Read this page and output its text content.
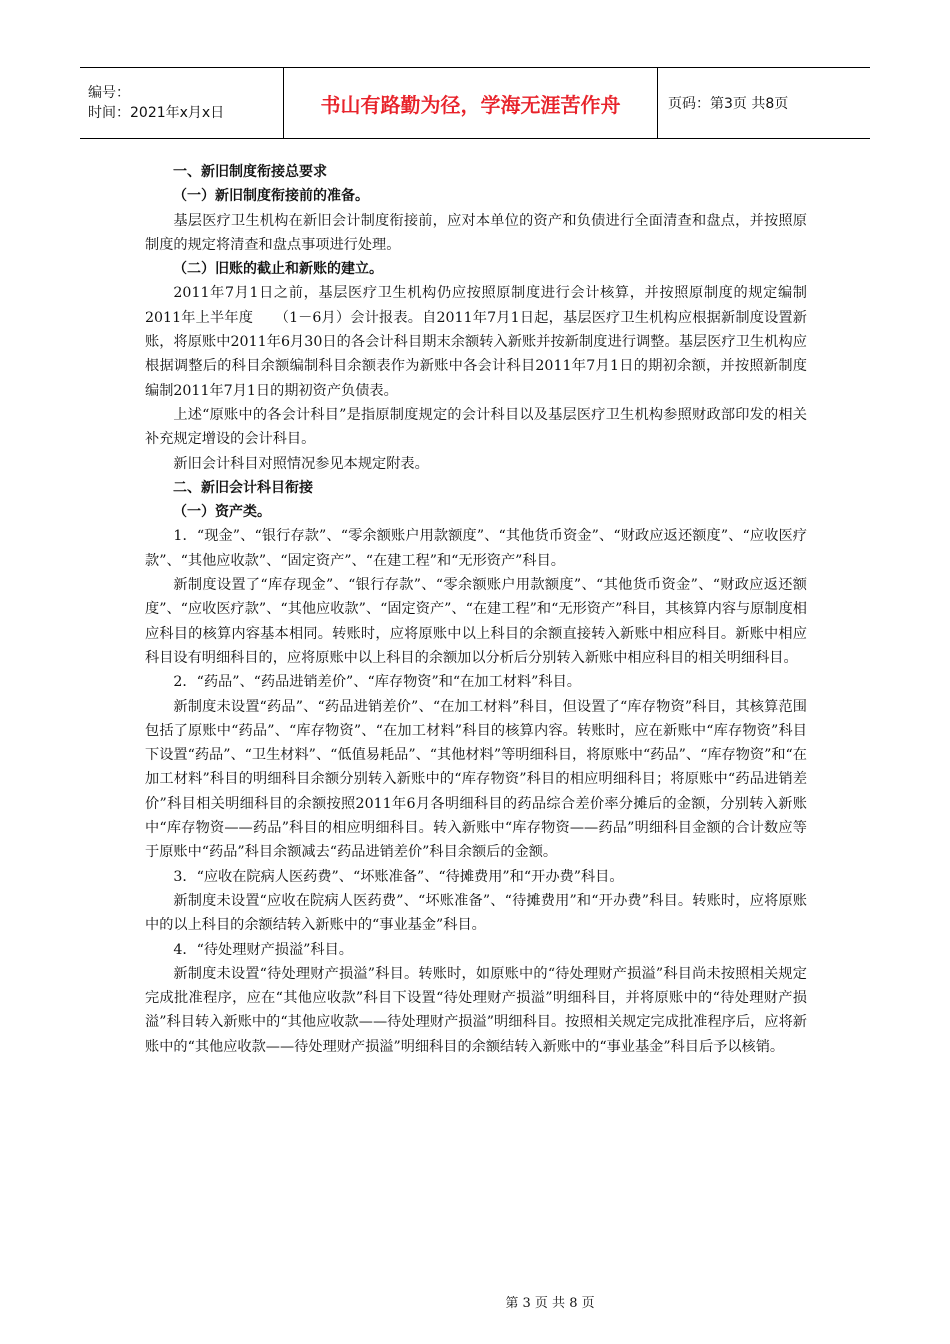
编号：
时间：2021年x月x日	书山有路勤为径，学海无涯苦作舟	页码：第3页 共8页

一、新旧制度衔接总要求

（一）新旧制度衔接前的准备。

基层医疗卫生机构在新旧会计制度衔接前，应对本单位的资产和负债进行全面清查和盘点，并按照原制度的规定将清查和盘点事项进行处理。

（二）旧账的截止和新账的建立。

2011年7月1日之前，基层医疗卫生机构仍应按照原制度进行会计核算，并按照原制度的规定编制2011年上半年度　　（1－6月）会计报表。自2011年7月1日起，基层医疗卫生机构应根据新制度设置新账，将原账中2011年6月30日的各会计科目期末余额转入新账并按新制度进行调整。基层医疗卫生机构应根据调整后的科目余额编制科目余额表作为新账中各会计科目2011年7月1日的期初余额，并按照新制度编制2011年7月1日的期初资产负债表。

上述“原账中的各会计科目”是指原制度规定的会计科目以及基层医疗卫生机构参照财政部印发的相关补充规定增设的会计科目。

新旧会计科目对照情况参见本规定附表。

二、新旧会计科目衔接

（一）资产类。

1．“现金”、“银行存款”、“零余额账户用款额度”、“其他货币资金”、“财政应返还额度”、“应收医疗款”、“其他应收款”、“固定资产”、“在建工程”和“无形资产”科目。

新制度设置了“库存现金”、“银行存款”、“零余额账户用款额度”、“其他货币资金”、“财政应返还额度”、“应收医疗款”、“其他应收款”、“固定资产”、“在建工程”和“无形资产”科目，其核算内容与原制度相应科目的核算内容基本相同。转账时，应将原账中以上科目的余额直接转入新账中相应科目。新账中相应科目设有明细科目的，应将原账中以上科目的余额加以分析后分别转入新账中相应科目的相关明细科目。

2．“药品”、“药品进销差价”、“库存物资”和“在加工材料”科目。

新制度未设置“药品”、“药品进销差价”、“在加工材料”科目，但设置了“库存物资”科目，其核算范围包括了原账中“药品”、“库存物资”、“在加工材料”科目的核算内容。转账时，应在新账中“库存物资”科目下设置“药品”、“卫生材料”、“低值易耗品”、“其他材料”等明细科目，将原账中“药品”、“库存物资”和“在加工材料”科目的明细科目余额分别转入新账中的“库存物资”科目的相应明细科目；将原账中“药品进销差价”科目相关明细科目的余额按照2011年6月各明细科目的药品综合差价率分摊后的金额，分别转入新账中“库存物资——药品”科目的相应明细科目。转入新账中“库存物资——药品”明细科目金额的合计数应等于原账中“药品”科目余额减去“药品进销差价”科目余额后的金额。

3．“应收在院病人医药费”、“坏账准备”、“待摊费用”和“开办费”科目。

新制度未设置“应收在院病人医药费”、“坏账准备”、“待摊费用”和“开办费”科目。转账时，应将原账中的以上科目的余额结转入新账中的“事业基金”科目。

4．“待处理财产损溢”科目。

新制度未设置“待处理财产损溢”科目。转账时，如原账中的“待处理财产损溢”科目尚未按照相关规定完成批准程序，应在“其他应收款”科目下设置“待处理财产损溢”明细科目，并将原账中的“待处理财产损溢”科目转入新账中的“其他应收款——待处理财产损溢”明细科目。按照相关规定完成批准程序后，应将新账中的“其他应收款——待处理财产损溢”明细科目的余额结转入新账中的“事业基金”科目后予以核销。

第 3 页 共 8 页
